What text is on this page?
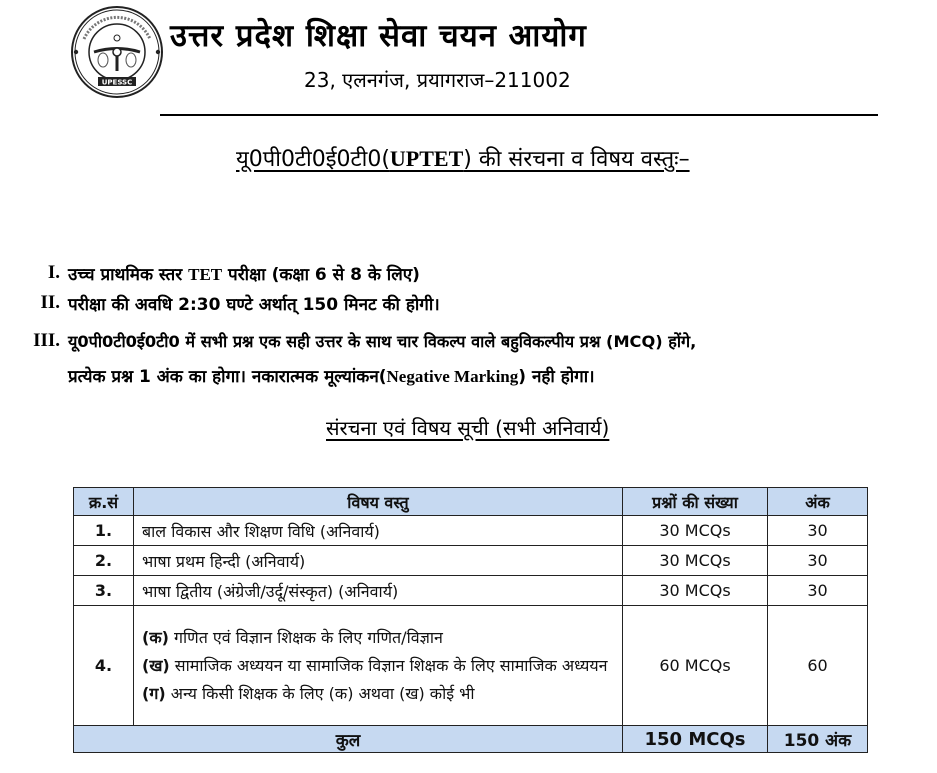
UPESSC
उत्तर प्रदेश शिक्षा सेवा चयन आयोग
23, एलनगंज, प्रयागराज–211002
यू0पी0टी0ई0टी0(UPTET) की संरचना व विषय वस्तुः–
I. उच्च प्राथमिक स्तर TET परीक्षा (कक्षा 6 से 8 के लिए)
II. परीक्षा की अवधि 2:30 घण्टे अर्थात् 150 मिनट की होगी।
III. यू0पी0टी0ई0टी0 में सभी प्रश्न एक सही उत्तर के साथ चार विकल्प वाले बहुविकल्पीय प्रश्न (MCQ) होंगे,
प्रत्येक प्रश्न 1 अंक का होगा। नकारात्मक मूल्यांकन(Negative Marking) नही होगा।
संरचना एवं विषय सूची (सभी अनिवार्य)
क्र.सं	विषय वस्तु	प्रश्नों की संख्या	अंक
1.	बाल विकास और शिक्षण विधि (अनिवार्य)	30 MCQs	30
2.	भाषा प्रथम हिन्दी (अनिवार्य)	30 MCQs	30
3.	भाषा द्वितीय (अंग्रेजी/उर्दू/संस्कृत) (अनिवार्य)	30 MCQs	30
4.	(क) गणित एवं विज्ञान शिक्षक के लिए गणित/विज्ञान
(ख) सामाजिक अध्ययन या सामाजिक विज्ञान शिक्षक के लिए सामाजिक अध्ययन
(ग) अन्य किसी शिक्षक के लिए (क) अथवा (ख) कोई भी	60 MCQs	60
कुल		150 MCQs	150 अंक
